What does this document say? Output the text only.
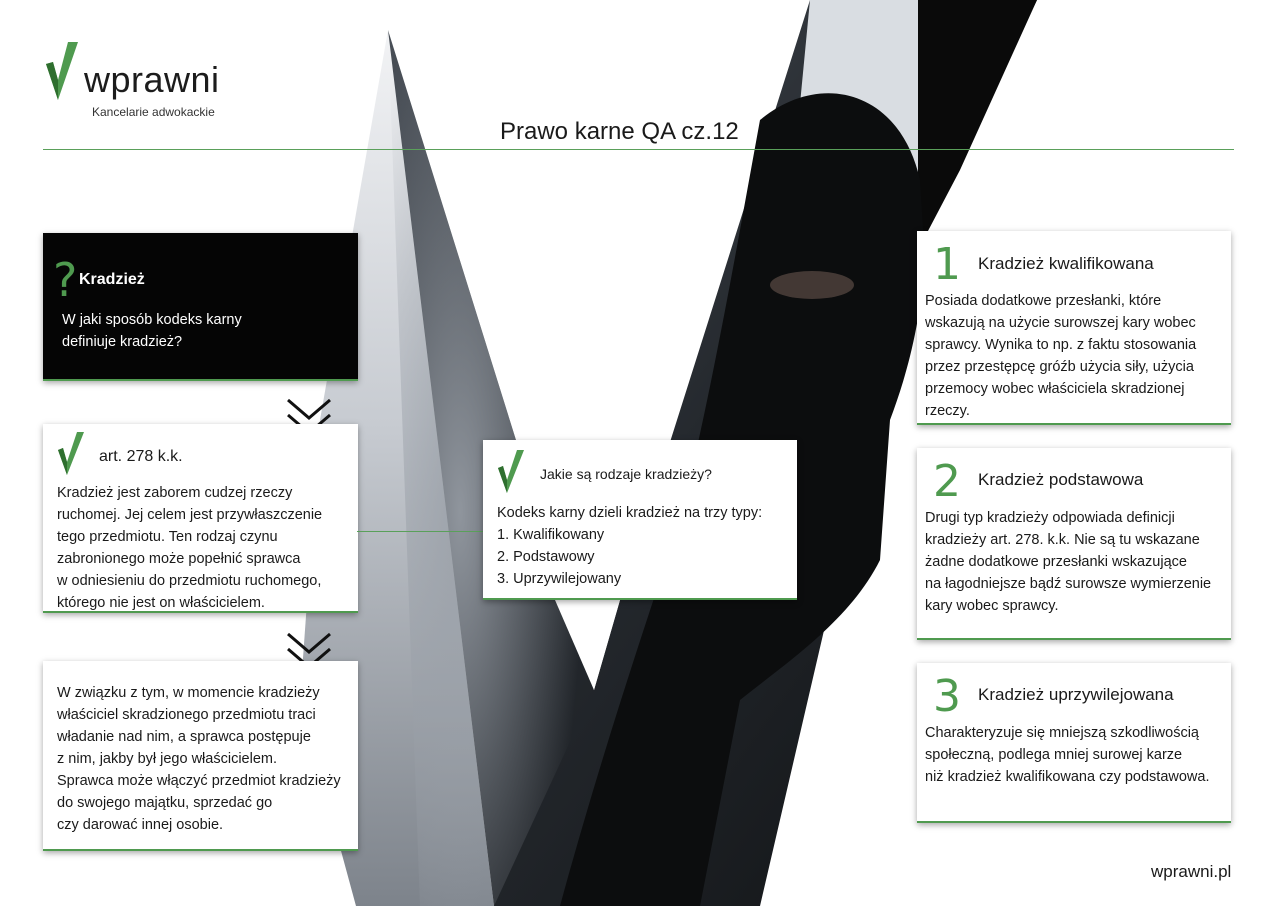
wprawni
Kancelarie adwokackie
Prawo karne QA cz.12
? Kradzież

W jaki sposób kodeks karny

definiuje kradzież?

art. 278 k.k.

Kradzież jest zaborem cudzej rzeczy

ruchomej. Jej celem jest przywłaszczenie

tego przedmiotu. Ten rodzaj czynu

zabronionego może popełnić sprawca

w odniesieniu do przedmiotu ruchomego,

którego nie jest on właścicielem.

W związku z tym, w momencie kradzieży

właściciel skradzionego przedmiotu traci

władanie nad nim, a sprawca postępuje

z nim, jakby był jego właścicielem.

Sprawca może włączyć przedmiot kradzieży

do swojego majątku, sprzedać go

czy darować innej osobie.

Jakie są rodzaje kradzieży?

Kodeks karny dzieli kradzież na trzy typy:

1. Kwalifikowany

2. Podstawowy

3. Uprzywilejowany

1 Kradzież kwalifikowana

Posiada dodatkowe przesłanki, które

wskazują na użycie surowszej kary wobec

sprawcy. Wynika to np. z faktu stosowania

przez przestępcę gróźb użycia siły, użycia

przemocy wobec właściciela skradzionej

rzeczy.

2 Kradzież podstawowa

Drugi typ kradzieży odpowiada definicji

kradzieży art. 278. k.k. Nie są tu wskazane

żadne dodatkowe przesłanki wskazujące

na łagodniejsze bądź surowsze wymierzenie

kary wobec sprawcy.

3 Kradzież uprzywilejowana

Charakteryzuje się mniejszą szkodliwością

społeczną, podlega mniej surowej karze

niż kradzież kwalifikowana czy podstawowa.

wprawni.pl
